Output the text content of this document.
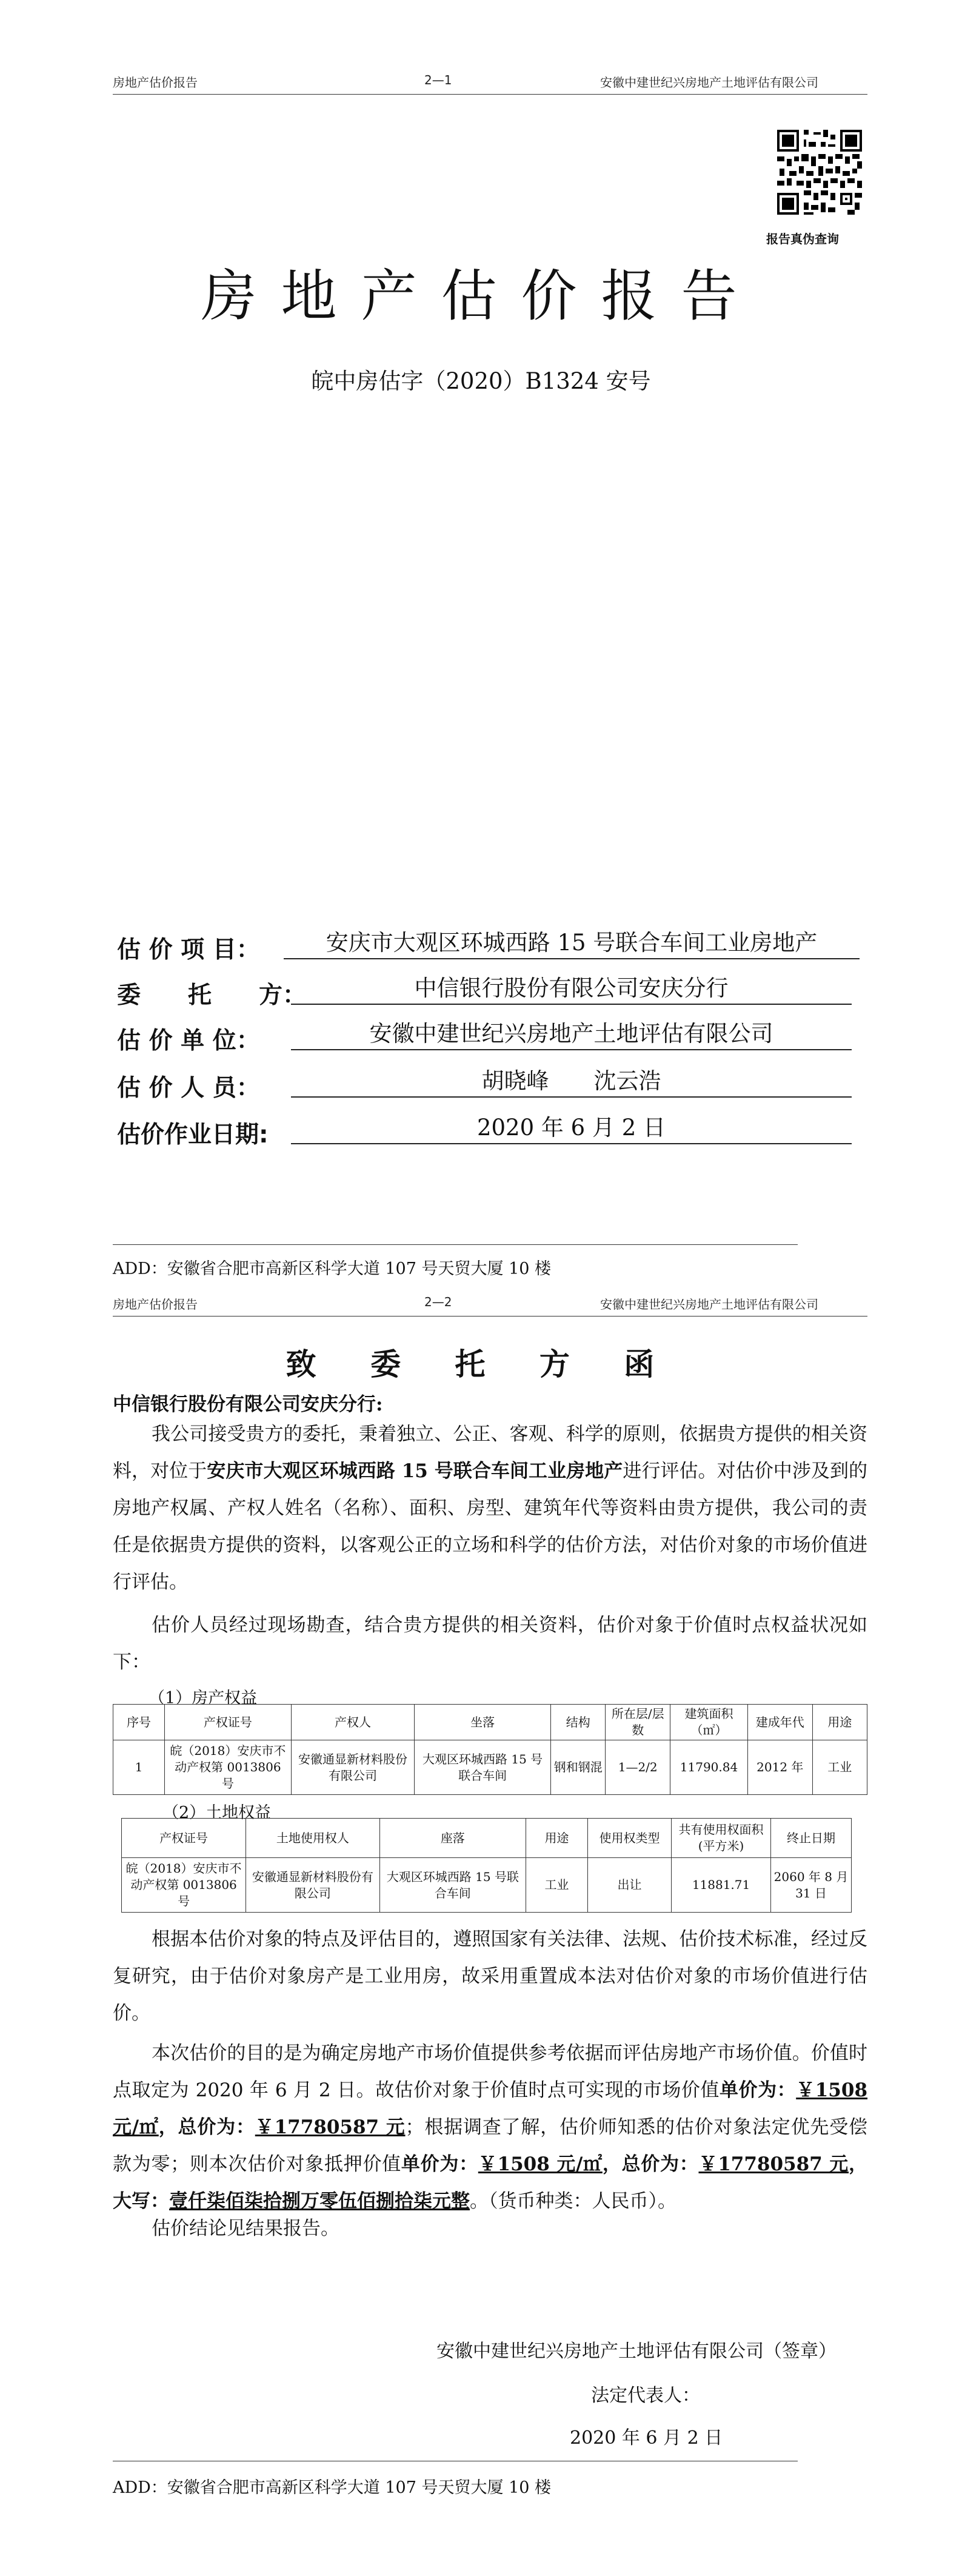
房地产估价报告	2—1	安徽中建世纪兴房地产土地评估有限公司
报告真伪查询
房地产估价报告
皖中房估字（2020）B1324 安号
估 价 项 目：	安庆市大观区环城西路 15 号联合车间工业房地产
委　　托　　方：	中信银行股份有限公司安庆分行
估 价 单 位：	安徽中建世纪兴房地产土地评估有限公司
估 价 人 员：	胡晓峰　　沈云浩
估价作业日期:	2020 年 6 月 2 日
ADD：安徽省合肥市高新区科学大道 107 号天贸大厦 10 楼
房地产估价报告	2—2	安徽中建世纪兴房地产土地评估有限公司
致 委 托 方 函
中信银行股份有限公司安庆分行:
我公司接受贵方的委托，秉着独立、公正、客观、科学的原则，依据贵方提供的相关资料，对位于安庆市大观区环城西路 15 号联合车间工业房地产进行评估。对估价中涉及到的房地产权属、产权人姓名（名称）、面积、房型、建筑年代等资料由贵方提供，我公司的责任是依据贵方提供的资料，以客观公正的立场和科学的估价方法，对估价对象的市场价值进行评估。
估价人员经过现场勘查，结合贵方提供的相关资料，估价对象于价值时点权益状况如下：
（1）房产权益
序号	产权证号	产权人	坐落	结构	所在层/层数	建筑面积（㎡）	建成年代	用途
1	皖（2018）安庆市不动产权第 0013806 号	安徽通显新材料股份有限公司	大观区环城西路 15 号联合车间	钢和钢混	1—2/2	11790.84	2012 年	工业
（2）土地权益
产权证号	土地使用权人	座落	用途	使用权类型	共有使用权面积(平方米)	终止日期
皖（2018）安庆市不动产权第 0013806 号	安徽通显新材料股份有限公司	大观区环城西路 15 号联合车间	工业	出让	11881.71	2060 年 8 月 31 日
根据本估价对象的特点及评估目的，遵照国家有关法律、法规、估价技术标准，经过反复研究，由于估价对象房产是工业用房，故采用重置成本法对估价对象的市场价值进行估价。
本次估价的目的是为确定房地产市场价值提供参考依据而评估房地产市场价值。价值时点取定为 2020 年 6 月 2 日。故估价对象于价值时点可实现的市场价值单价为：￥1508 元/㎡，总价为：￥17780587 元；根据调查了解，估价师知悉的估价对象法定优先受偿款为零；则本次估价对象抵押价值单价为：￥1508 元/㎡，总价为：￥17780587 元，大写：壹仟柒佰柒拾捌万零伍佰捌拾柒元整。（货币种类：人民币）。
估价结论见结果报告。
安徽中建世纪兴房地产土地评估有限公司（签章）
法定代表人：
2020 年 6 月 2 日
ADD：安徽省合肥市高新区科学大道 107 号天贸大厦 10 楼
